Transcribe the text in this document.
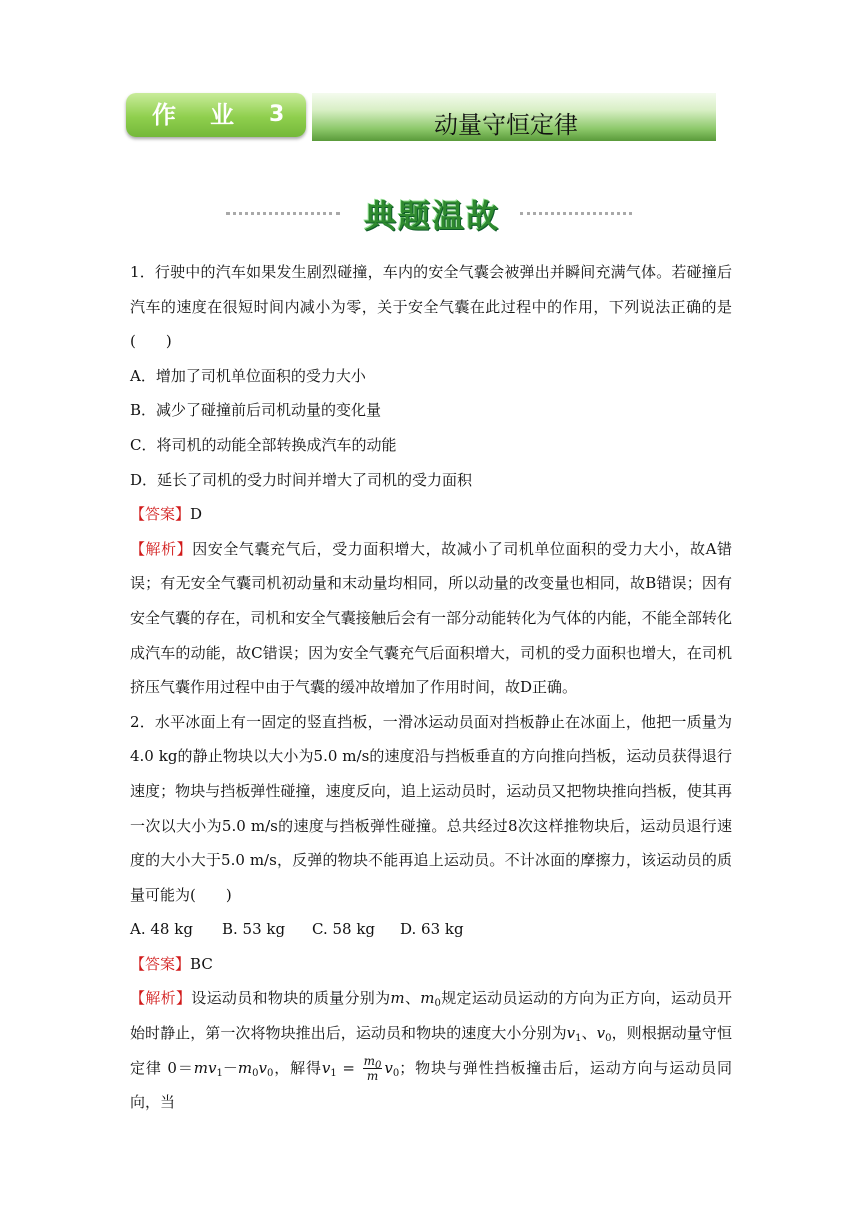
作 业 3	动量守恒定律
典题温故

1．行驶中的汽车如果发生剧烈碰撞，车内的安全气囊会被弹出并瞬间充满气体。若碰撞后汽车的速度在很短时间内减小为零，关于安全气囊在此过程中的作用，下列说法正确的是(　　)

A．增加了司机单位面积的受力大小

B．减少了碰撞前后司机动量的变化量

C．将司机的动能全部转换成汽车的动能

D．延长了司机的受力时间并增大了司机的受力面积

【答案】D

【解析】因安全气囊充气后，受力面积增大，故减小了司机单位面积的受力大小，故A错误；有无安全气囊司机初动量和末动量均相同，所以动量的改变量也相同，故B错误；因有安全气囊的存在，司机和安全气囊接触后会有一部分动能转化为气体的内能，不能全部转化成汽车的动能，故C错误；因为安全气囊充气后面积增大，司机的受力面积也增大，在司机挤压气囊作用过程中由于气囊的缓冲故增加了作用时间，故D正确。

2．水平冰面上有一固定的竖直挡板，一滑冰运动员面对挡板静止在冰面上，他把一质量为4.0 kg的静止物块以大小为5.0 m/s的速度沿与挡板垂直的方向推向挡板，运动员获得退行速度；物块与挡板弹性碰撞，速度反向，追上运动员时，运动员又把物块推向挡板，使其再一次以大小为5.0 m/s的速度与挡板弹性碰撞。总共经过8次这样推物块后，运动员退行速度的大小大于5.0 m/s，反弹的物块不能再追上运动员。不计冰面的摩擦力，该运动员的质量可能为(　　)

A. 48 kg B. 53 kg C. 58 kg D. 63 kg

【答案】BC

【解析】设运动员和物块的质量分别为m、$m_0$规定运动员运动的方向为正方向，运动员开始时静止，第一次将物块推出后，运动员和物块的速度大小分别为$v_1$、$v_0$，则根据动量守恒定律 $0=mv_1-m_0v_0$，解得$v_1 = \frac{m_0}{m} v_0$；物块与弹性挡板撞击后，运动方向与运动员同向，当
